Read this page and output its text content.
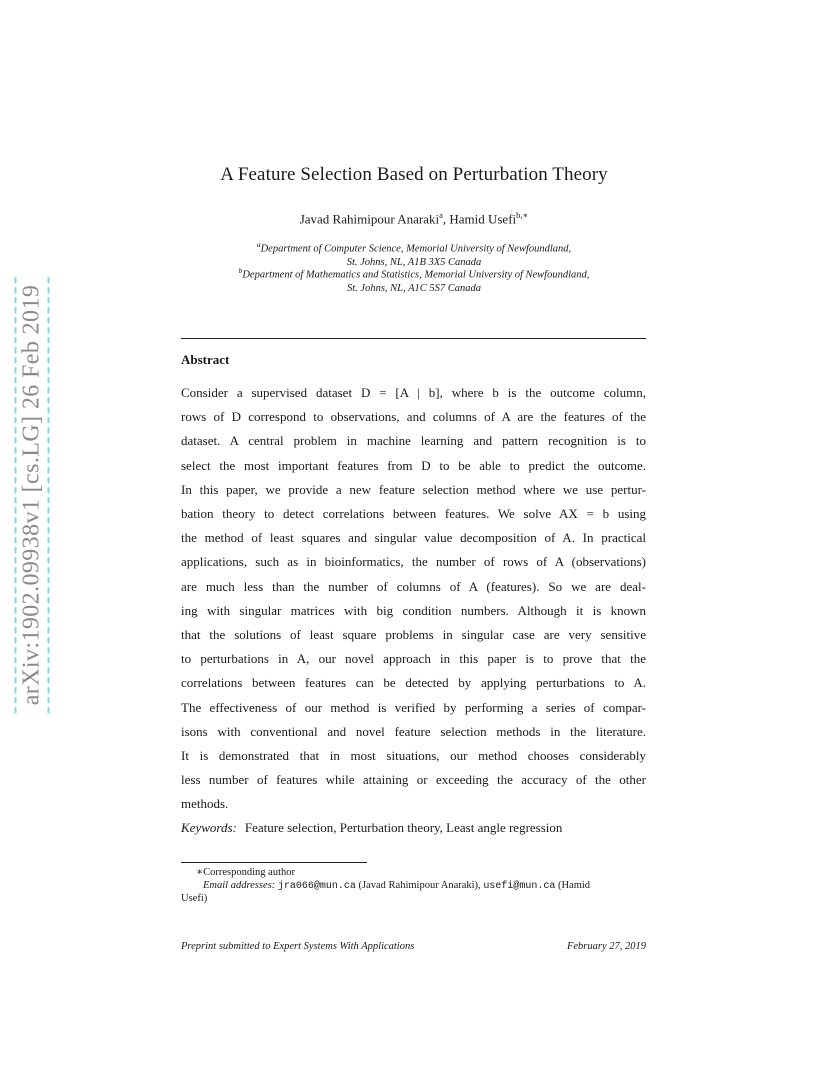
arXiv:1902.09938v1 [cs.LG] 26 Feb 2019
A Feature Selection Based on Perturbation Theory
Javad Rahimipour Anaraki$^a$, Hamid Usefi$^{b,∗}$
$^a$Department of Computer Science, Memorial University of Newfoundland,
St. Johns, NL, A1B 3X5 Canada
$^b$Department of Mathematics and Statistics, Memorial University of Newfoundland,
St. Johns, NL, A1C 5S7 Canada
Abstract
Consider a supervised dataset D = [A | b], where b is the outcome column,
rows of D correspond to observations, and columns of A are the features of the
dataset. A central problem in machine learning and pattern recognition is to
select the most important features from D to be able to predict the outcome.
In this paper, we provide a new feature selection method where we use pertur-
bation theory to detect correlations between features. We solve AX = b using
the method of least squares and singular value decomposition of A. In practical
applications, such as in bioinformatics, the number of rows of A (observations)
are much less than the number of columns of A (features). So we are deal-
ing with singular matrices with big condition numbers. Although it is known
that the solutions of least square problems in singular case are very sensitive
to perturbations in A, our novel approach in this paper is to prove that the
correlations between features can be detected by applying perturbations to A.
The effectiveness of our method is verified by performing a series of compar-
isons with conventional and novel feature selection methods in the literature.
It is demonstrated that in most situations, our method chooses considerably
less number of features while attaining or exceeding the accuracy of the other
methods.
Keywords: Feature selection, Perturbation theory, Least angle regression
∗Corresponding author
Email addresses: jra066@mun.ca (Javad Rahimipour Anaraki), usefi@mun.ca (Hamid
Usefi)
Preprint submitted to Expert Systems With Applications	February 27, 2019
